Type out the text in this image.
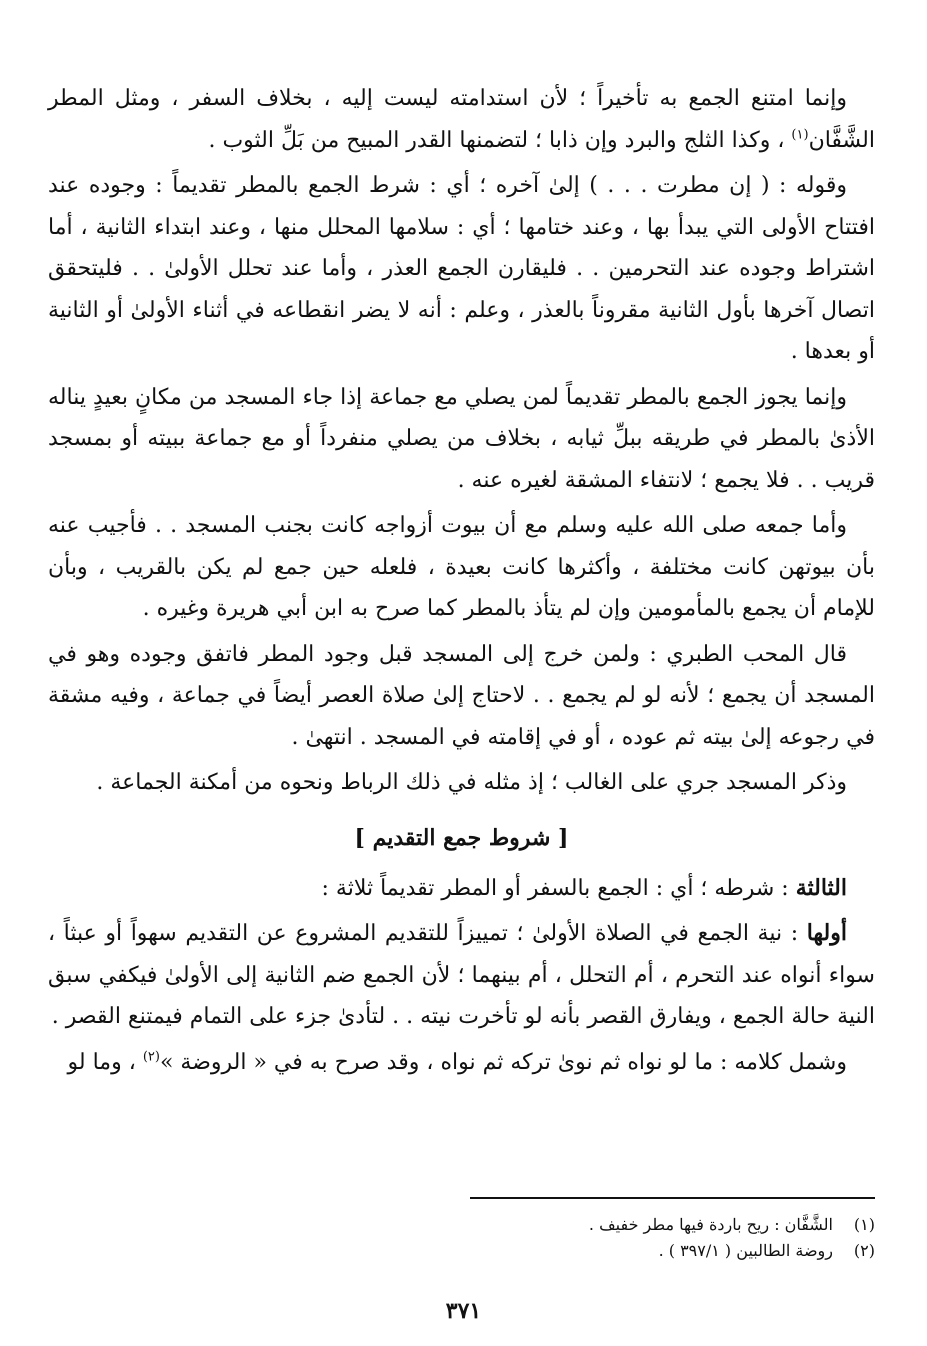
وإنما امتنع الجمع به تأخيراً ؛ لأن استدامته ليست إليه ، بخلاف السفر ، ومثل المطر الشَّفَّان$^{(١)}$ ، وكذا الثلج والبرد وإن ذابا ؛ لتضمنها القدر المبيح من بَلِّ الثوب .

وقوله : ( إن مطرت . . . ) إلىٰ آخره ؛ أي : شرط الجمع بالمطر تقديماً : وجوده عند افتتاح الأولى التي يبدأ بها ، وعند ختامها ؛ أي : سلامها المحلل منها ، وعند ابتداء الثانية ، أما اشتراط وجوده عند التحرمين . . فليقارن الجمع العذر ، وأما عند تحلل الأولىٰ . . فليتحقق اتصال آخرها بأول الثانية مقروناً بالعذر ، وعلم : أنه لا يضر انقطاعه في أثناء الأولىٰ أو الثانية أو بعدها .

وإنما يجوز الجمع بالمطر تقديماً لمن يصلي مع جماعة إذا جاء المسجد من مكانٍ بعيدٍ يناله الأذىٰ بالمطر في طريقه ببلِّ ثيابه ، بخلاف من يصلي منفرداً أو مع جماعة ببيته أو بمسجد قريب . . فلا يجمع ؛ لانتفاء المشقة لغيره عنه .

وأما جمعه صلى الله عليه وسلم مع أن بيوت أزواجه كانت بجنب المسجد . . فأجيب عنه بأن بيوتهن كانت مختلفة ، وأكثرها كانت بعيدة ، فلعله حين جمع لم يكن بالقريب ، وبأن للإمام أن يجمع بالمأمومين وإن لم يتأذ بالمطر كما صرح به ابن أبي هريرة وغيره .

قال المحب الطبري : ولمن خرج إلى المسجد قبل وجود المطر فاتفق وجوده وهو في المسجد أن يجمع ؛ لأنه لو لم يجمع . . لاحتاج إلىٰ صلاة العصر أيضاً في جماعة ، وفيه مشقة في رجوعه إلىٰ بيته ثم عوده ، أو في إقامته في المسجد . انتهىٰ .

وذكر المسجد جري على الغالب ؛ إذ مثله في ذلك الرباط ونحوه من أمكنة الجماعة .

[ شروط جمع التقديم ]

الثالثة : شرطه ؛ أي : الجمع بالسفر أو المطر تقديماً ثلاثة :

أولها : نية الجمع في الصلاة الأولىٰ ؛ تمييزاً للتقديم المشروع عن التقديم سهواً أو عبثاً ، سواء أنواه عند التحرم ، أم التحلل ، أم بينهما ؛ لأن الجمع ضم الثانية إلى الأولىٰ فيكفي سبق النية حالة الجمع ، ويفارق القصر بأنه لو تأخرت نيته . . لتأدىٰ جزء على التمام فيمتنع القصر .

وشمل كلامه : ما لو نواه ثم نوىٰ تركه ثم نواه ، وقد صرح به في « الروضة »$^{(٢)}$ ، وما لو

(١)الشَّفَّان : ريح باردة فيها مطر خفيف .

(٢)روضة الطالبين ( ٣٩٧/١ ) .

٣٧١
